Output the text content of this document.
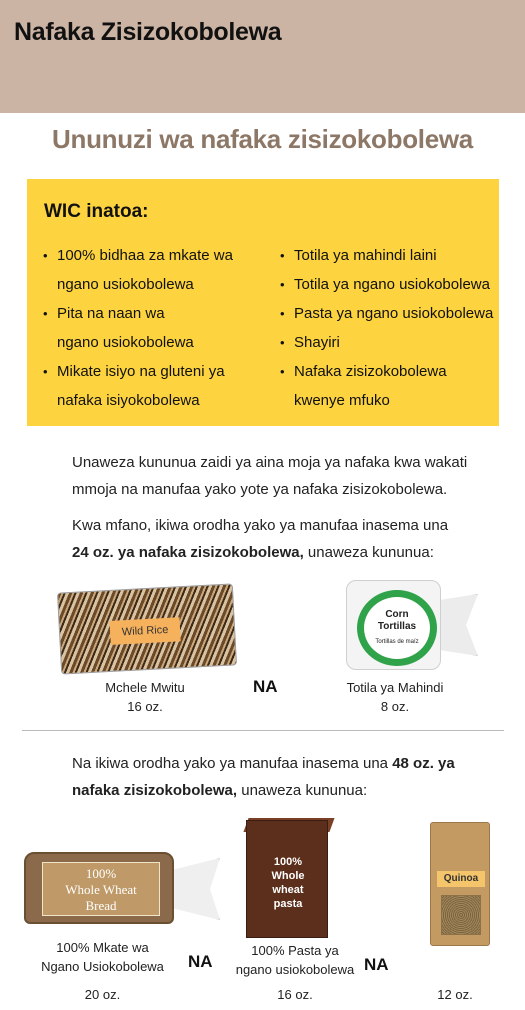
Nafaka Zisizokobolewa
Ununuzi wa nafaka zisizokobolewa
WIC inatoa:
• 100% bidhaa za mkate wa
ngano usiokobolewa
• Pita na naan wa
ngano usiokobolewa
• Mikate isiyo na gluteni ya
nafaka isiyokobolewa
• Totila ya mahindi laini
• Totila ya ngano usiokobolewa
• Pasta ya ngano usiokobolewa
• Shayiri
• Nafaka zisizokobolewa
kwenye mfuko
Unaweza kununua zaidi ya aina moja ya nafaka kwa wakati
mmoja na manufaa yako yote ya nafaka zisizokobolewa.
Kwa mfano, ikiwa orodha yako ya manufaa inasema una
24 oz. ya nafaka zisizokobolewa, unaweza kununua:
Wild Rice
Mchele Mwitu
16 oz.
NA
Corn
Tortillas
Tortillas de maíz
Totila ya Mahindi
8 oz.
Na ikiwa orodha yako ya manufaa inasema una 48 oz. ya
nafaka zisizokobolewa, unaweza kununua:
100%
Whole Wheat
Bread
100% Mkate wa
Ngano Usiokobolewa
20 oz.
NA
100%
Whole
wheat
pasta
100% Pasta ya
ngano usiokobolewa
16 oz.
NA
Quinoa
12 oz.
